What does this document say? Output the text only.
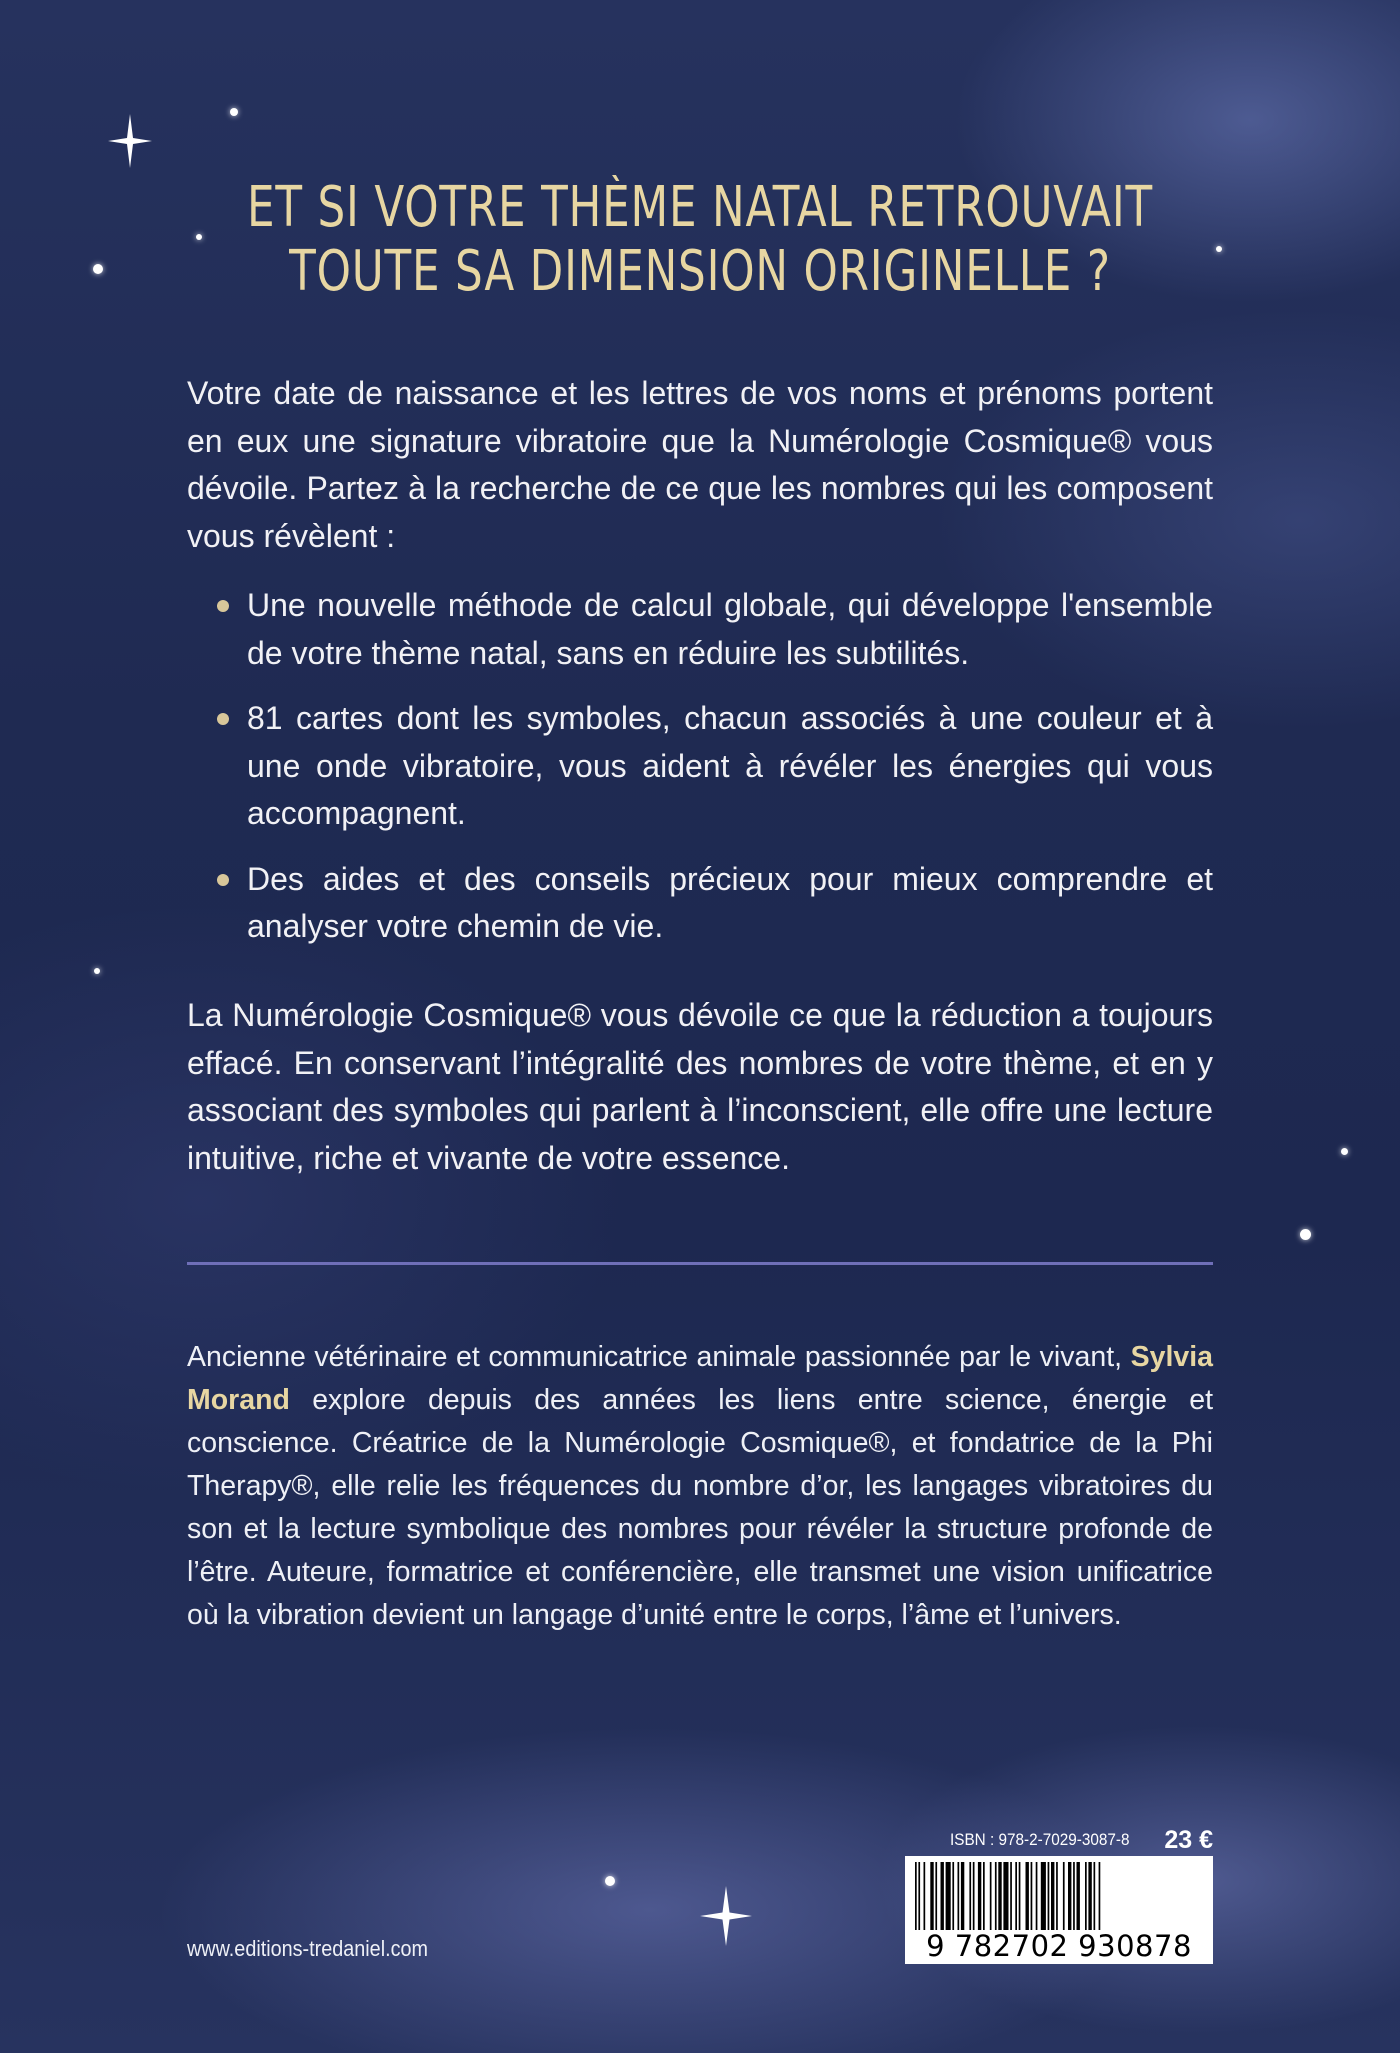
ET SI VOTRE THÈME NATAL RETROUVAIT
TOUTE SA DIMENSION ORIGINELLE ?
Votre date de naissance et les lettres de vos noms et prénoms portent en eux une signature vibratoire que la Numérologie Cosmique® vous dévoile. Partez à la recherche de ce que les nombres qui les composent vous révèlent :
Une nouvelle méthode de calcul globale, qui développe l'ensemble de votre thème natal, sans en réduire les subtilités.
81 cartes dont les symboles, chacun associés à une couleur et à une onde vibratoire, vous aident à révéler les énergies qui vous accompagnent.
Des aides et des conseils précieux pour mieux comprendre et analyser votre chemin de vie.
La Numérologie Cosmique® vous dévoile ce que la réduction a toujours effacé. En conservant l’intégralité des nombres de votre thème, et en y associant des symboles qui parlent à l’inconscient, elle offre une lecture intuitive, riche et vivante de votre essence.
Ancienne vétérinaire et communicatrice animale passionnée par le vivant, Sylvia Morand explore depuis des années les liens entre science, énergie et conscience. Créatrice de la Numérologie Cosmique®, et fondatrice de la Phi Therapy®, elle relie les fréquences du nombre d’or, les langages vibratoires du son et la lecture symbolique des nombres pour révéler la structure profonde de l’être. Auteure, formatrice et conférencière, elle transmet une vision unificatrice où la vibration devient un langage d’unité entre le corps, l’âme et l’univers.
www.editions-tredaniel.com
ISBN : 978-2-7029-3087-8 23 €
9 782702 930878
